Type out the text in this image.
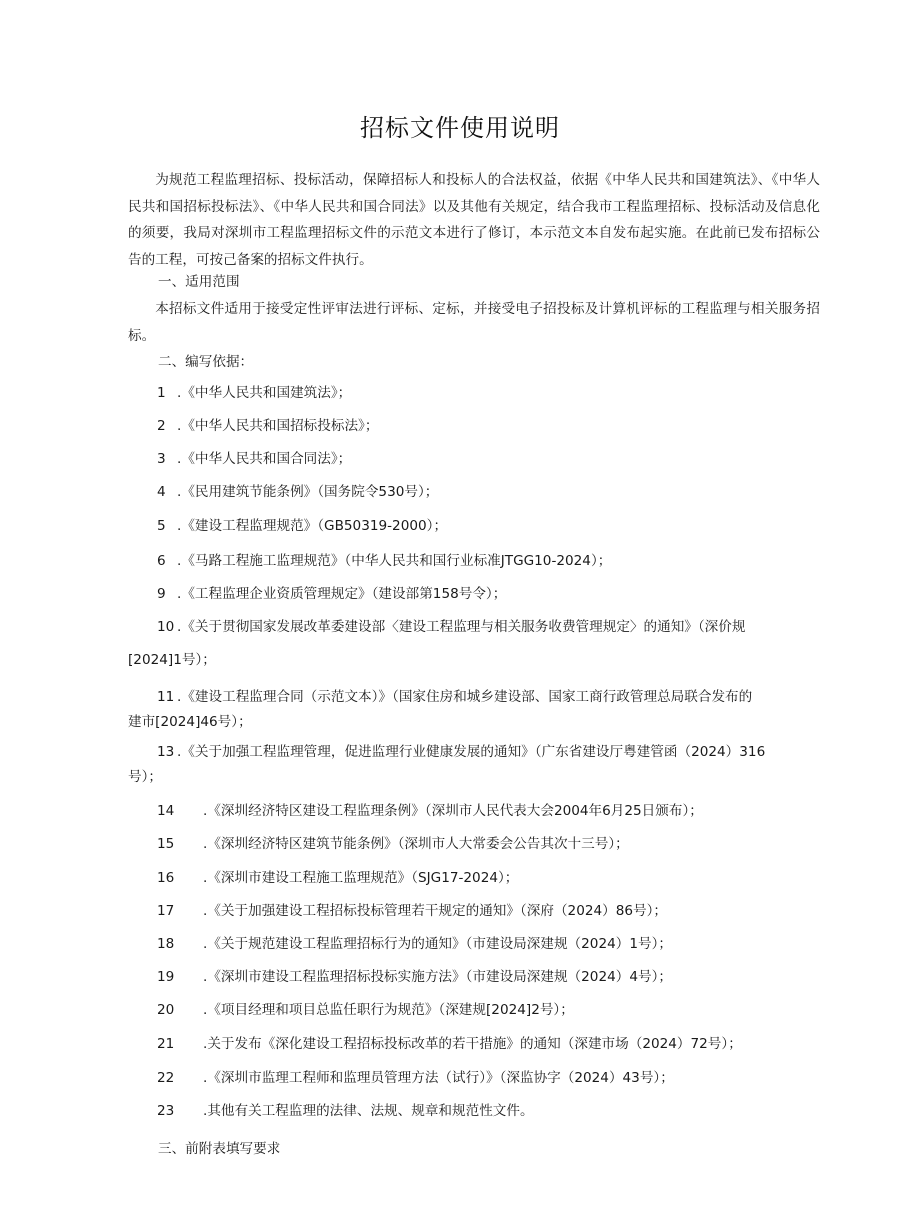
招标文件使用说明

为规范工程监理招标、投标活动，保障招标人和投标人的合法权益，依据《中华人民共和国建筑法》、《中华人民共和国招标投标法》、《中华人民共和国合同法》以及其他有关规定，结合我市工程监理招标、投标活动及信息化的须要，我局对深圳市工程监理招标文件的示范文本进行了修订，本示范文本自发布起实施。在此前已发布招标公告的工程，可按己备案的招标文件执行。

一、适用范围

本招标文件适用于接受定性评审法进行评标、定标，并接受电子招投标及计算机评标的工程监理与相关服务招标。

二、编写依据：
1 .《中华人民共和国建筑法》；
2 .《中华人民共和国招标投标法》；
3 .《中华人民共和国合同法》；
4 .《民用建筑节能条例》（国务院令530号）；
5 .《建设工程监理规范》（GB50319-2000）；
6 .《马路工程施工监理规范》（中华人民共和国行业标准JTGG10-2024）；
9 .《工程监理企业资质管理规定》（建设部第158号令）；
10 .《关于贯彻国家发展改革委建设部〈建设工程监理与相关服务收费管理规定〉的通知》（深价规
[2024]1号）；
11 .《建设工程监理合同（示范文本）》（国家住房和城乡建设部、国家工商行政管理总局联合发布的
建市[2024]46号）；
13 .《关于加强工程监理管理，促进监理行业健康发展的通知》（广东省建设厅粤建管函（2024）316
号）；
14 .《深圳经济特区建设工程监理条例》（深圳市人民代表大会2004年6月25日颁布）；
15 .《深圳经济特区建筑节能条例》（深圳市人大常委会公告其次十三号）；
16 .《深圳市建设工程施工监理规范》（SJG17-2024）；
17 .《关于加强建设工程招标投标管理若干规定的通知》（深府（2024）86号）；
18 .《关于规范建设工程监理招标行为的通知》（市建设局深建规（2024）1号）；
19 .《深圳市建设工程监理招标投标实施方法》（市建设局深建规（2024）4号）；
20 .《项目经理和项目总监任职行为规范》（深建规[2024]2号）；
21 .关于发布《深化建设工程招标投标改革的若干措施》的通知（深建市场（2024）72号）；
22 .《深圳市监理工程师和监理员管理方法（试行）》（深监协字（2024）43号）；
23 .其他有关工程监理的法律、法规、规章和规范性文件。
三、前附表填写要求
